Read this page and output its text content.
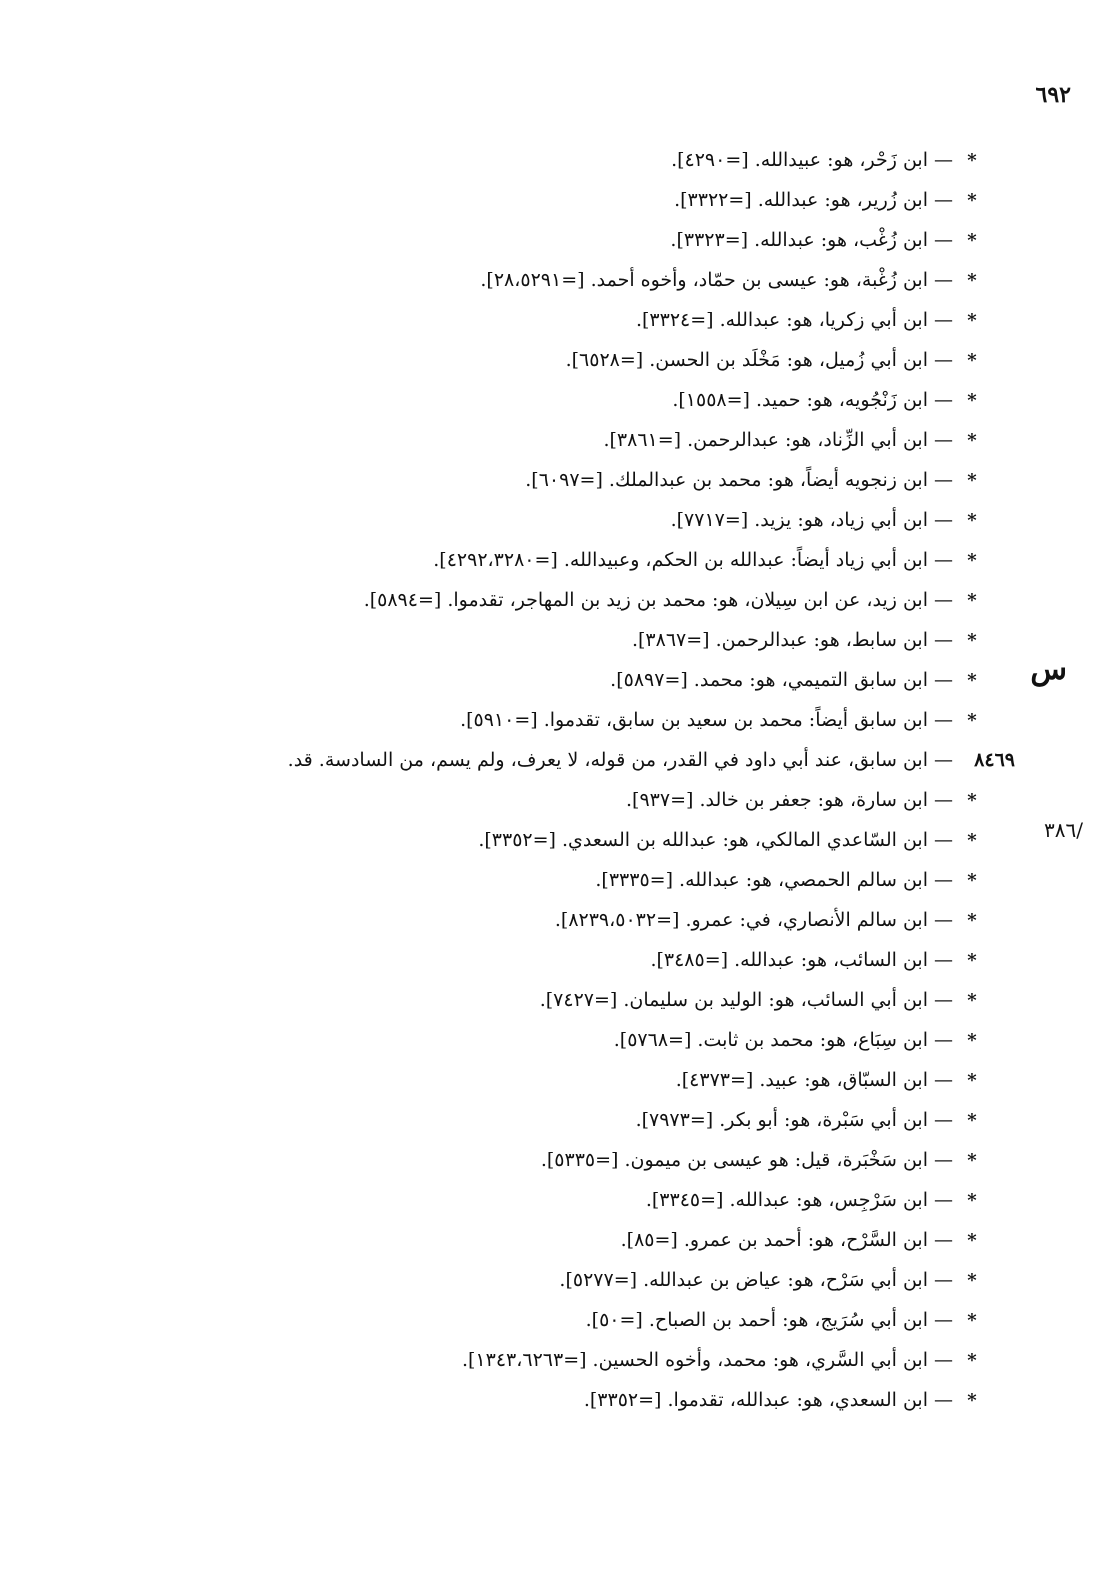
٦٩٢
س
/٣٨٦
*
—
ابن زَحْر، هو: عبيدالله. [=٤٢٩٠].
*
—
ابن زُرير، هو: عبدالله. [=٣٣٢٢].
*
—
ابن زُغْب، هو: عبدالله. [=٣٣٢٣].
*
—
ابن زُغْبة، هو: عيسى بن حمّاد، وأخوه أحمد. [=٢٨،٥٢٩١].
*
—
ابن أبي زكريا، هو: عبدالله. [=٣٣٢٤].
*
—
ابن أبي زُميل، هو: مَخْلَد بن الحسن. [=٦٥٢٨].
*
—
ابن زَنْجُويه، هو: حميد. [=١٥٥٨].
*
—
ابن أبي الزِّناد، هو: عبدالرحمن. [=٣٨٦١].
*
—
ابن زنجويه أيضاً، هو: محمد بن عبدالملك. [=٦٠٩٧].
*
—
ابن أبي زياد، هو: يزيد. [=٧٧١٧].
*
—
ابن أبي زياد أيضاً: عبدالله بن الحكم، وعبيدالله. [=٤٢٩٢،٣٢٨٠].
*
—
ابن زيد، عن ابن سِيلان، هو: محمد بن زيد بن المهاجر، تقدموا. [=٥٨٩٤].
*
—
ابن سابط، هو: عبدالرحمن. [=٣٨٦٧].
*
—
ابن سابق التميمي، هو: محمد. [=٥٨٩٧].
*
—
ابن سابق أيضاً: محمد بن سعيد بن سابق، تقدموا. [=٥٩١٠].
٨٤٦٩
—
ابن سابق، عند أبي داود في القدر، من قوله، لا يعرف، ولم يسم، من السادسة. قد.
*
—
ابن سارة، هو: جعفر بن خالد. [=٩٣٧].
*
—
ابن السّاعدي المالكي، هو: عبدالله بن السعدي. [=٣٣٥٢].
*
—
ابن سالم الحمصي، هو: عبدالله. [=٣٣٣٥].
*
—
ابن سالم الأنصاري، في: عمرو. [=٨٢٣٩،٥٠٣٢].
*
—
ابن السائب، هو: عبدالله. [=٣٤٨٥].
*
—
ابن أبي السائب، هو: الوليد بن سليمان. [=٧٤٢٧].
*
—
ابن سِبَاع، هو: محمد بن ثابت. [=٥٧٦٨].
*
—
ابن السبّاق، هو: عبيد. [=٤٣٧٣].
*
—
ابن أبي سَبْرة، هو: أبو بكر. [=٧٩٧٣].
*
—
ابن سَخْبَرة، قيل: هو عيسى بن ميمون. [=٥٣٣٥].
*
—
ابن سَرْجِس، هو: عبدالله. [=٣٣٤٥].
*
—
ابن السَّرْح، هو: أحمد بن عمرو. [=٨٥].
*
—
ابن أبي سَرْح، هو: عياض بن عبدالله. [=٥٢٧٧].
*
—
ابن أبي سُرَيج، هو: أحمد بن الصباح. [=٥٠].
*
—
ابن أبي السَّري، هو: محمد، وأخوه الحسين. [=١٣٤٣،٦٢٦٣].
*
—
ابن السعدي، هو: عبدالله، تقدموا. [=٣٣٥٢].
